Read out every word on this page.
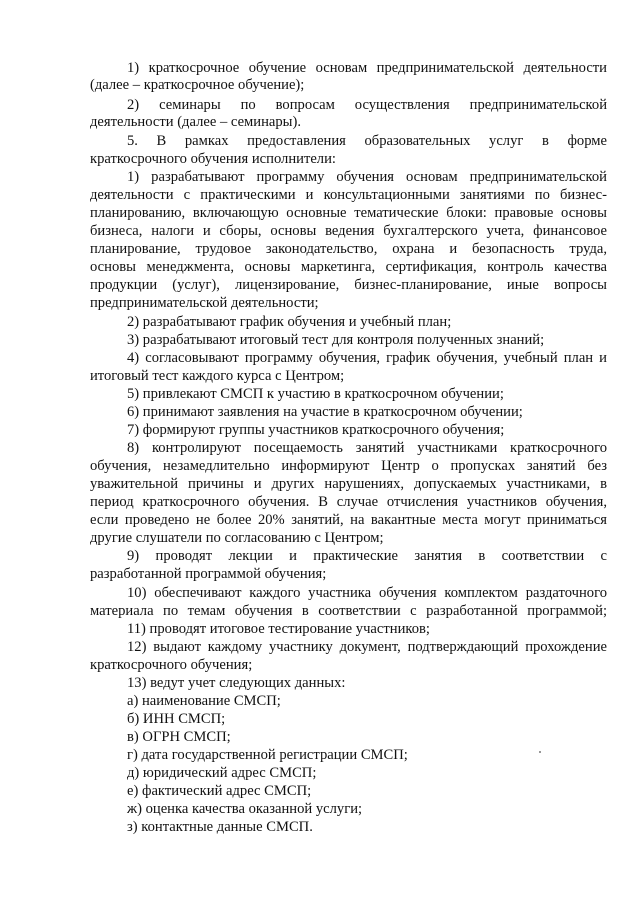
1) краткосрочное обучение основам предпринимательской деятельности
(далее – краткосрочное обучение);
2) семинары по вопросам осуществления предпринимательской
деятельности (далее – семинары).
5. В рамках предоставления образовательных услуг в форме
краткосрочного обучения исполнители:
1) разрабатывают программу обучения основам предпринимательской
деятельности с практическими и консультационными занятиями по бизнес-
планированию, включающую основные тематические блоки: правовые основы
бизнеса, налоги и сборы, основы ведения бухгалтерского учета, финансовое
планирование, трудовое законодательство, охрана и безопасность труда,
основы менеджмента, основы маркетинга, сертификация, контроль качества
продукции (услуг), лицензирование, бизнес-планирование, иные вопросы
предпринимательской деятельности;
2) разрабатывают график обучения и учебный план;
3) разрабатывают итоговый тест для контроля полученных знаний;
4) согласовывают программу обучения, график обучения, учебный план и
итоговый тест каждого курса с Центром;
5) привлекают СМСП к участию в краткосрочном обучении;
6) принимают заявления на участие в краткосрочном обучении;
7) формируют группы участников краткосрочного обучения;
8) контролируют посещаемость занятий участниками краткосрочного
обучения, незамедлительно информируют Центр о пропусках занятий без
уважительной причины и других нарушениях, допускаемых участниками, в
период краткосрочного обучения. В случае отчисления участников обучения,
если проведено не более 20% занятий, на вакантные места могут приниматься
другие слушатели по согласованию с Центром;
9) проводят лекции и практические занятия в соответствии с
разработанной программой обучения;
10) обеспечивают каждого участника обучения комплектом раздаточного
материала по темам обучения в соответствии с разработанной программой;
11) проводят итоговое тестирование участников;
12) выдают каждому участнику документ, подтверждающий прохождение
краткосрочного обучения;
13) ведут учет следующих данных:
а) наименование СМСП;
б) ИНН СМСП;
в) ОГРН СМСП;
г) дата государственной регистрации СМСП;
д) юридический адрес СМСП;
е) фактический адрес СМСП;
ж) оценка качества оказанной услуги;
з) контактные данные СМСП.
